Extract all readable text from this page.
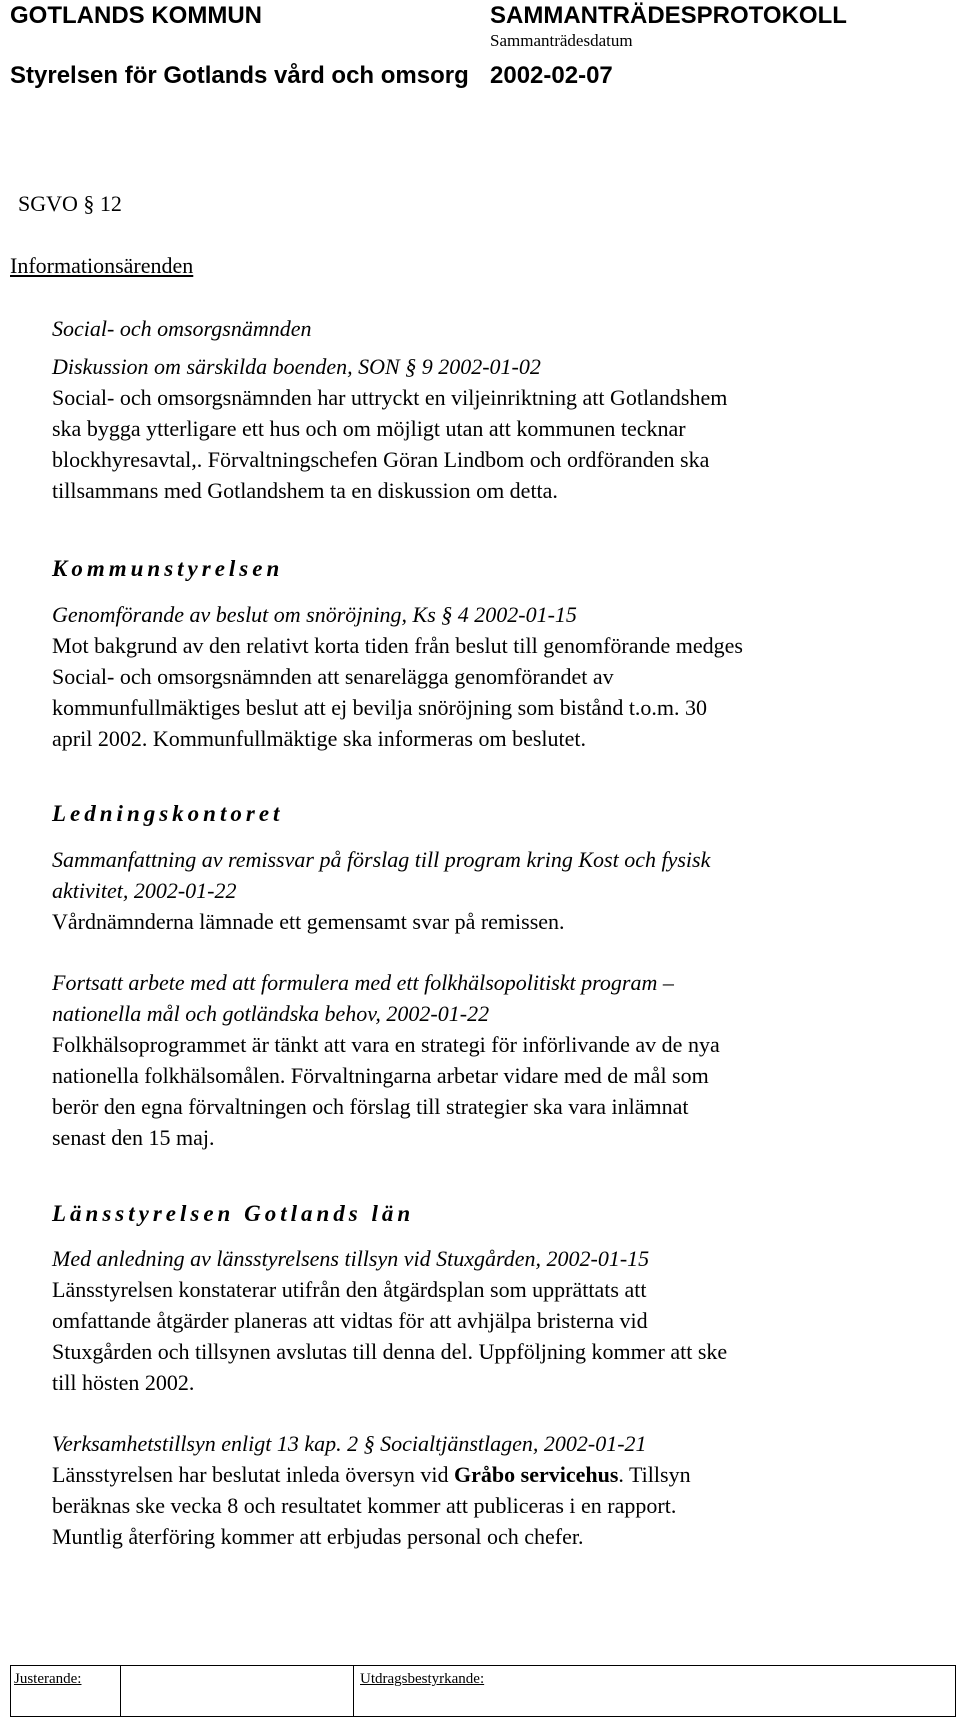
GOTLANDS KOMMUN	SAMMANTRÄDESPROTOKOLL
Sammanträdesdatum
Styrelsen för Gotlands vård och omsorg 2002-02-07
SGVO § 12
Informationsärenden
Social- och omsorgsnämnden
Diskussion om särskilda boenden, SON § 9 2002-01-02
Social- och omsorgsnämnden har uttryckt en viljeinriktning att Gotlandshem
ska bygga ytterligare ett hus och om möjligt utan att kommunen tecknar
blockhyresavtal,. Förvaltningschefen Göran Lindbom och ordföranden ska
tillsammans med Gotlandshem ta en diskussion om detta.
Kommunstyrelsen
Genomförande av beslut om snöröjning, Ks § 4 2002-01-15
Mot bakgrund av den relativt korta tiden från beslut till genomförande medges
Social- och omsorgsnämnden att senarelägga genomförandet av
kommunfullmäktiges beslut att ej bevilja snöröjning som bistånd t.o.m. 30
april 2002. Kommunfullmäktige ska informeras om beslutet.
Ledningskontoret
Sammanfattning av remissvar på förslag till program kring Kost och fysisk
aktivitet, 2002-01-22
Vårdnämnderna lämnade ett gemensamt svar på remissen.
Fortsatt arbete med att formulera med ett folkhälsopolitiskt program –
nationella mål och gotländska behov, 2002-01-22
Folkhälsoprogrammet är tänkt att vara en strategi för införlivande av de nya
nationella folkhälsomålen. Förvaltningarna arbetar vidare med de mål som
berör den egna förvaltningen och förslag till strategier ska vara inlämnat
senast den 15 maj.
Länsstyrelsen Gotlands län
Med anledning av länsstyrelsens tillsyn vid Stuxgården, 2002-01-15
Länsstyrelsen konstaterar utifrån den åtgärdsplan som upprättats att
omfattande åtgärder planeras att vidtas för att avhjälpa bristerna vid
Stuxgården och tillsynen avslutas till denna del. Uppföljning kommer att ske
till hösten 2002.
Verksamhetstillsyn enligt 13 kap. 2 § Socialtjänstlagen, 2002-01-21
Länsstyrelsen har beslutat inleda översyn vid Gråbo servicehus. Tillsyn
beräknas ske vecka 8 och resultatet kommer att publiceras i en rapport.
Muntlig återföring kommer att erbjudas personal och chefer.
Justerande:	Utdragsbestyrkande:
